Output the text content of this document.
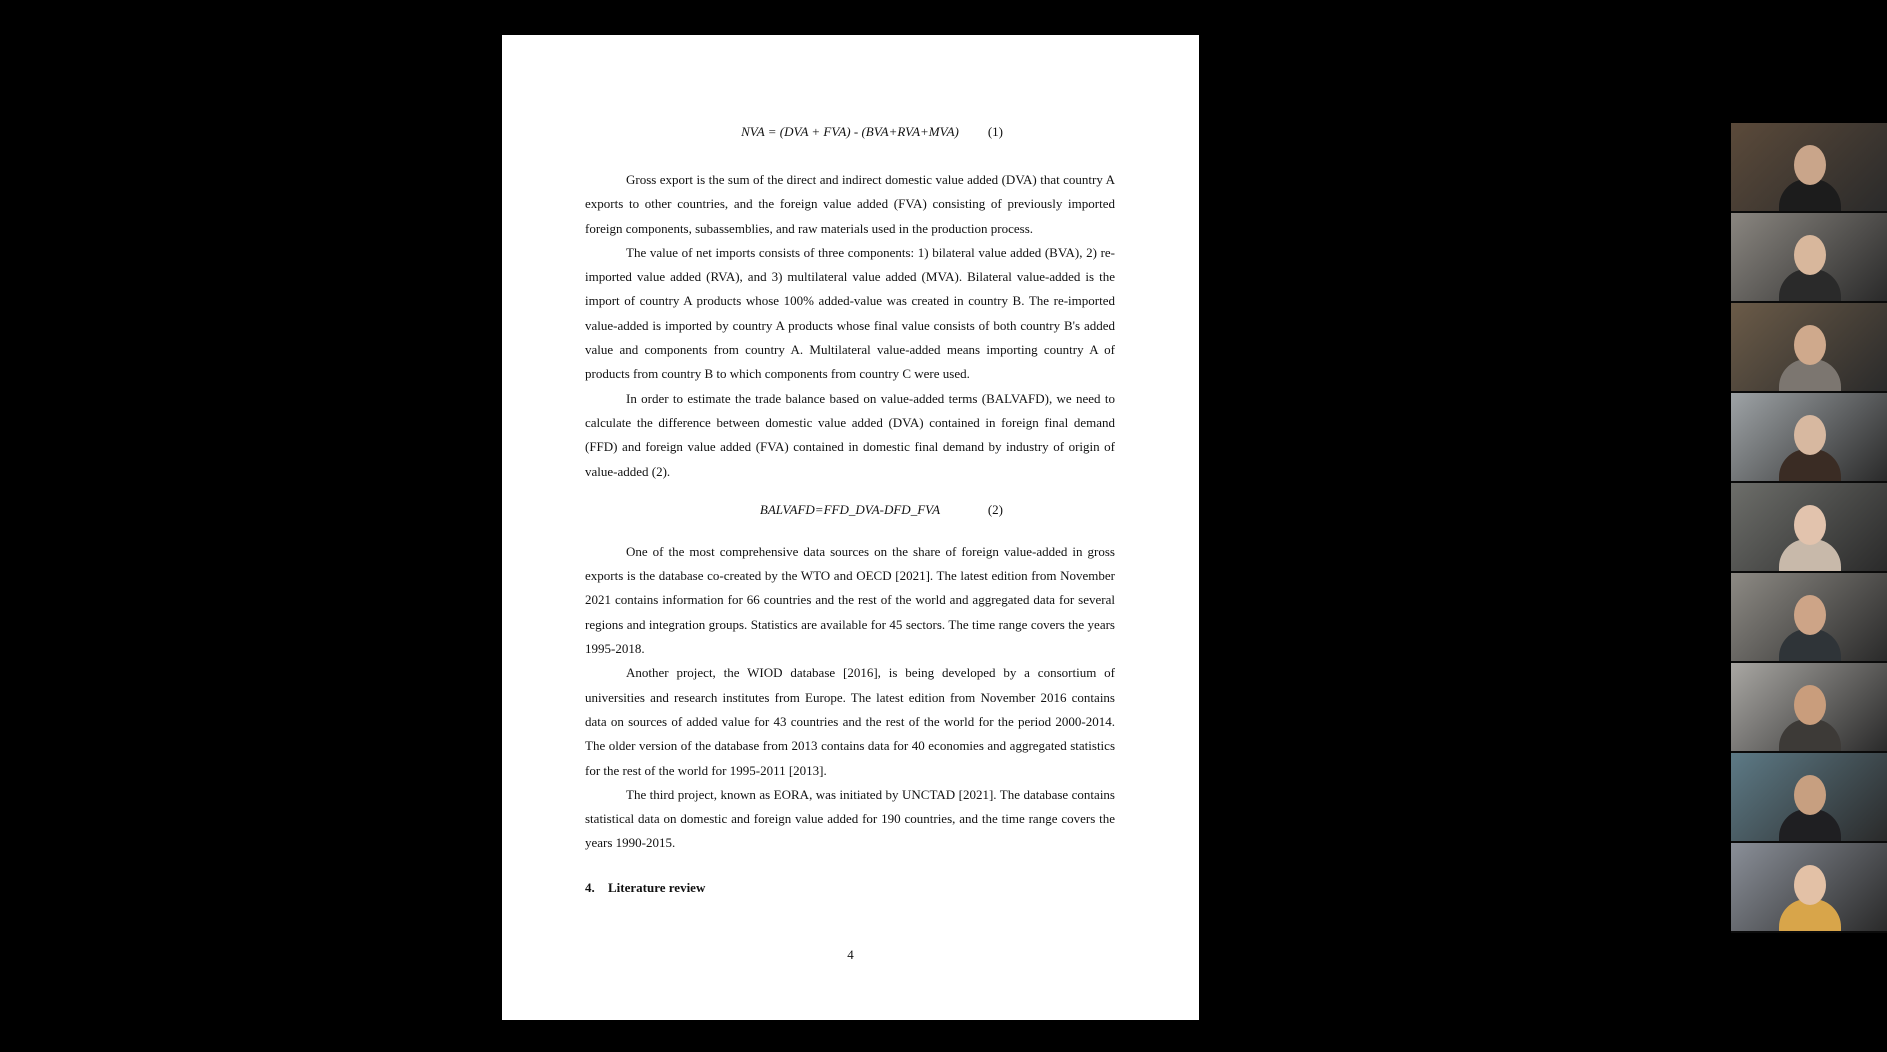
NVA = (DVA + FVA) - (BVA+RVA+MVA)	(1)

Gross export is the sum of the direct and indirect domestic value added (DVA) that country A exports to other countries, and the foreign value added (FVA) consisting of previously imported foreign components, subassemblies, and raw materials used in the production process.

The value of net imports consists of three components: 1) bilateral value added (BVA), 2) re-imported value added (RVA), and 3) multilateral value added (MVA). Bilateral value-added is the import of country A products whose 100% added-value was created in country B. The re-imported value-added is imported by country A products whose final value consists of both country B's added value and components from country A. Multilateral value-added means importing country A of products from country B to which components from country C were used.

In order to estimate the trade balance based on value-added terms (BALVAFD), we need to calculate the difference between domestic value added (DVA) contained in foreign final demand (FFD) and foreign value added (FVA) contained in domestic final demand by industry of origin of value-added (2).

BALVAFD=FFD_DVA-DFD_FVA	(2)

One of the most comprehensive data sources on the share of foreign value-added in gross exports is the database co-created by the WTO and OECD [2021]. The latest edition from November 2021 contains information for 66 countries and the rest of the world and aggregated data for several regions and integration groups. Statistics are available for 45 sectors. The time range covers the years 1995-2018.

Another project, the WIOD database [2016], is being developed by a consortium of universities and research institutes from Europe. The latest edition from November 2016 contains data on sources of added value for 43 countries and the rest of the world for the period 2000-2014. The older version of the database from 2013 contains data for 40 economies and aggregated statistics for the rest of the world for 1995-2011 [2013].

The third project, known as EORA, was initiated by UNCTAD [2021]. The database contains statistical data on domestic and foreign value added for 190 countries, and the time range covers the years 1990-2015.

4. Literature review
4
